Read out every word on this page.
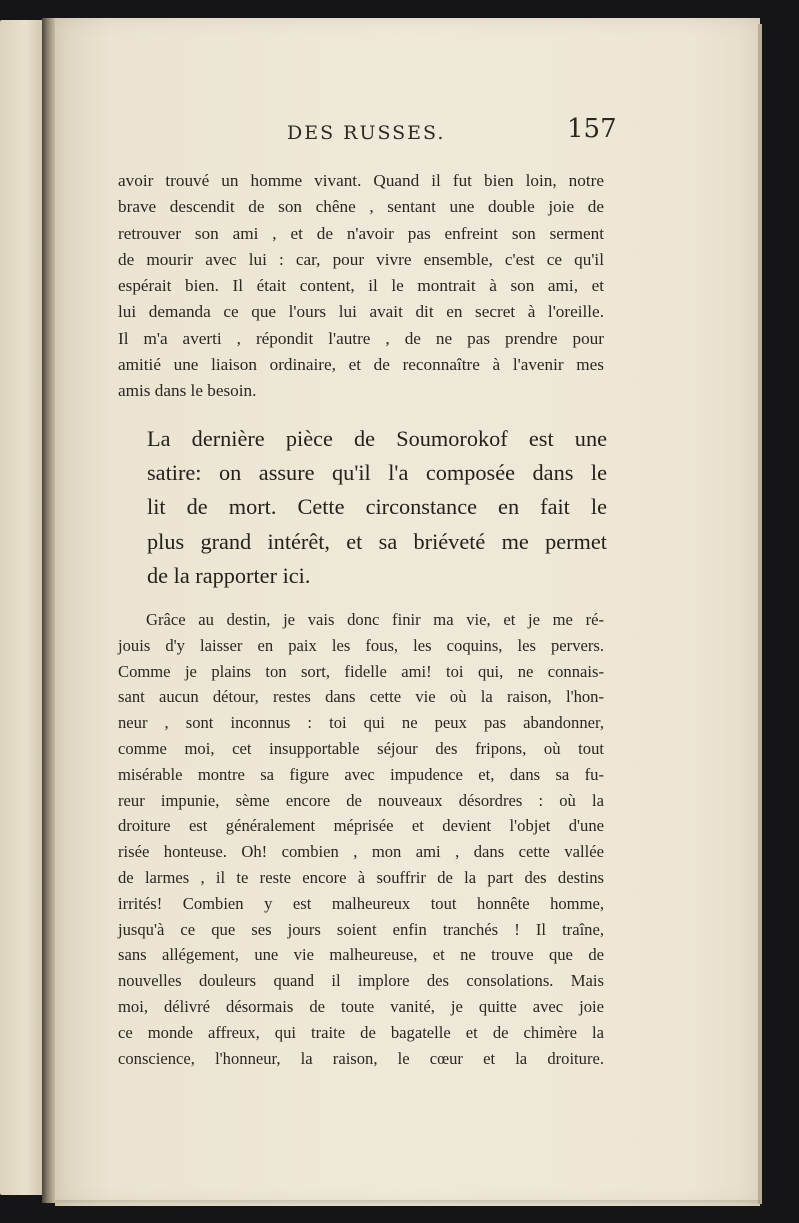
DES RUSSES.	157
avoir trouvé un homme vivant. Quand il fut bien loin, notre
brave descendit de son chêne , sentant une double joie de
retrouver son ami , et de n'avoir pas enfreint son serment
de mourir avec lui : car, pour vivre ensemble, c'est ce qu'il
espérait bien. Il était content, il le montrait à son ami, et
lui demanda ce que l'ours lui avait dit en secret à l'oreille.
Il m'a averti , répondit l'autre , de ne pas prendre pour
amitié une liaison ordinaire, et de reconnaître à l'avenir mes
amis dans le besoin.
La dernière pièce de Soumorokof est une
satire: on assure qu'il l'a composée dans le
lit de mort. Cette circonstance en fait le
plus grand intérêt, et sa briéveté me permet
de la rapporter ici.
Grâce au destin, je vais donc finir ma vie, et je me ré-
jouis d'y laisser en paix les fous, les coquins, les pervers.
Comme je plains ton sort, fidelle ami! toi qui, ne connais-
sant aucun détour, restes dans cette vie où la raison, l'hon-
neur , sont inconnus : toi qui ne peux pas abandonner,
comme moi, cet insupportable séjour des fripons, où tout
misérable montre sa figure avec impudence et, dans sa fu-
reur impunie, sème encore de nouveaux désordres : où la
droiture est généralement méprisée et devient l'objet d'une
risée honteuse. Oh! combien , mon ami , dans cette vallée
de larmes , il te reste encore à souffrir de la part des destins
irrités! Combien y est malheureux tout honnête homme,
jusqu'à ce que ses jours soient enfin tranchés ! Il traîne,
sans allégement, une vie malheureuse, et ne trouve que de
nouvelles douleurs quand il implore des consolations. Mais
moi, délivré désormais de toute vanité, je quitte avec joie
ce monde affreux, qui traite de bagatelle et de chimère la
conscience, l'honneur, la raison, le cœur et la droiture.
